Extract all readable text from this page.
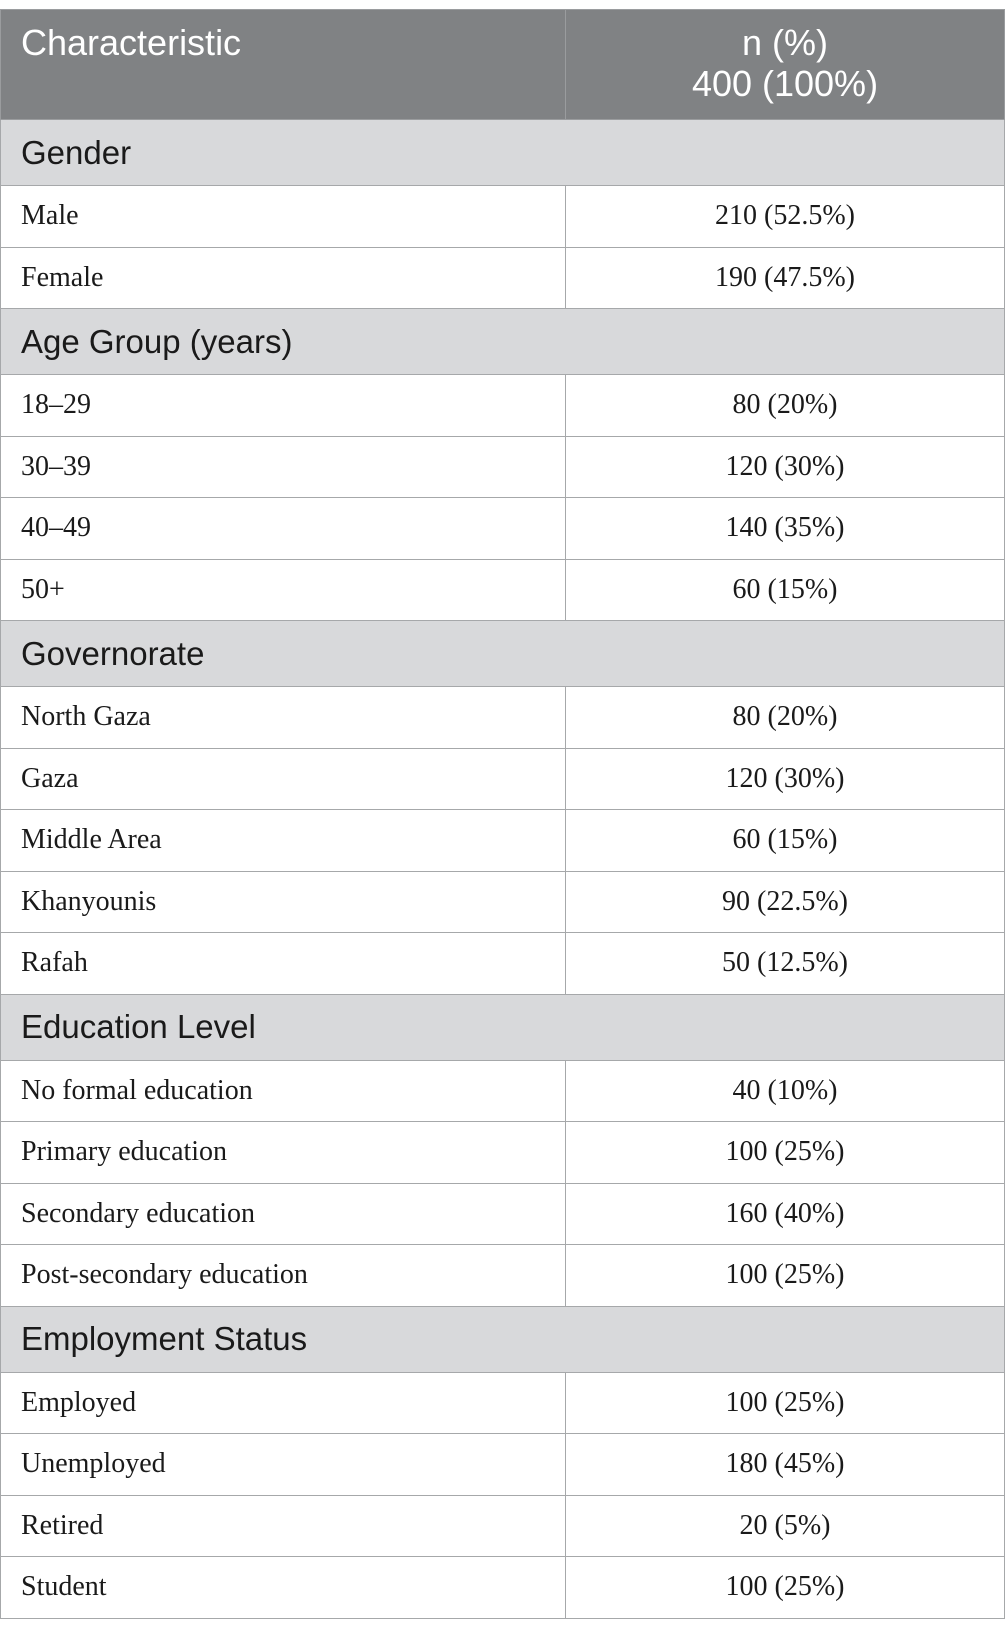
Characteristic	n (%)
400 (100%)

Gender	
Male	210 (52.5%)
Female	190 (47.5%)
Age Group (years)	
18–29	80 (20%)
30–39	120 (30%)
40–49	140 (35%)
50+	60 (15%)
Governorate	
North Gaza	80 (20%)
Gaza	120 (30%)
Middle Area	60 (15%)
Khanyounis	90 (22.5%)
Rafah	50 (12.5%)
Education Level	
No formal education	40 (10%)
Primary education	100 (25%)
Secondary education	160 (40%)
Post-secondary education	100 (25%)
Employment Status	
Employed	100 (25%)
Unemployed	180 (45%)
Retired	20 (5%)
Student	100 (25%)
